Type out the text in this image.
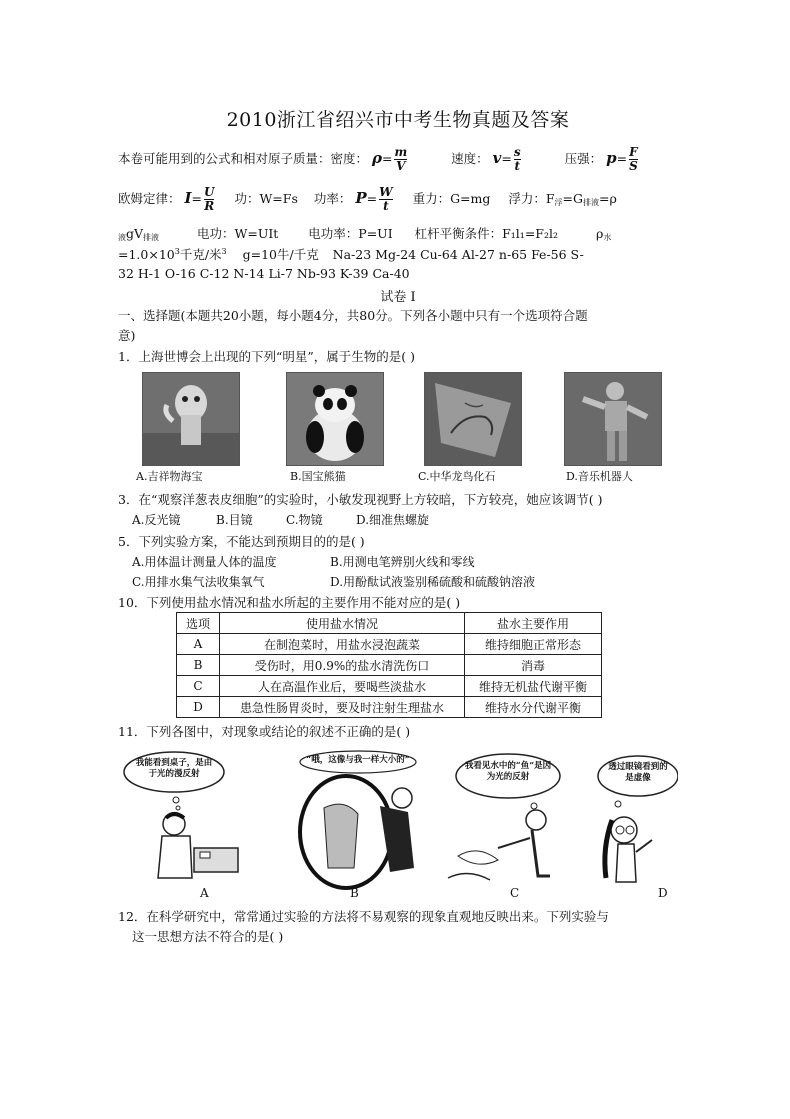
2010浙江省绍兴市中考生物真题及答案
本卷可能用到的公式和相对原子质量：密度： $\rho= \frac{m}{V}$	速度： $v= \frac{s}{t}$	压强： $p= \frac{F}{S}$
欧姆定律： $I= \frac{U}{R}$ 功：W=Fs 功率： $P= \frac{W}{t}$ 重力：G=mg 浮力：$F_浮=G_{排液}=\rho$
$_液gV_{排液}$	电功：W=UIt 电功率：P=UI 杠杆平衡条件：F₁l₁=F₂l₂	$\rho_水$
$=1.0\times 10^3$千克/米$^3$ g=10牛/千克 Na-23 Mg-24 Cu-64 Al-27 n-65 Fe-56 S-
32 H-1 O-16 C-12 N-14 Li-7 Nb-93 K-39 Ca-40
试卷 I
一、选择题(本题共20小题，每小题4分，共80分。下列各小题中只有一个选项符合题
意)
1．上海世博会上出现的下列“明星”，属于生物的是( )
A.吉祥物海宝	B.国宝熊猫	C.中华龙鸟化石	D.音乐机器人
3．在“观察洋葱表皮细胞”的实验时，小敏发现视野上方较暗，下方较亮，她应该调节( )
A.反光镜	B.目镜	C.物镜	D.细准焦螺旋
5．下列实验方案，不能达到预期目的的是( )
A.用体温计测量人体的温度	B.用测电笔辨别火线和零线
C.用排水集气法收集氧气	D.用酚酞试液鉴别稀硫酸和硫酸钠溶液
10．下列使用盐水情况和盐水所起的主要作用不能对应的是( )
选项	使用盐水情况	盐水主要作用
A	在制泡菜时，用盐水浸泡蔬菜	维持细胞正常形态
B	受伤时，用0.9%的盐水清洗伤口	消毒
C	人在高温作业后，要喝些淡盐水	维持无机盐代谢平衡
D	患急性肠胃炎时，要及时注射生理盐水	维持水分代谢平衡
11．下列各图中，对现象或结论的叙述不正确的是( )
我能看到桌子，是由于光的漫反射
“哦，这像与我一样大小的”
我看见水中的“鱼”是因为光的反射
透过眼镜看到的是虚像
A	B	C	D
12．在科学研究中，常常通过实验的方法将不易观察的现象直观地反映出来。下列实验与
这一思想方法不符合的是( )
